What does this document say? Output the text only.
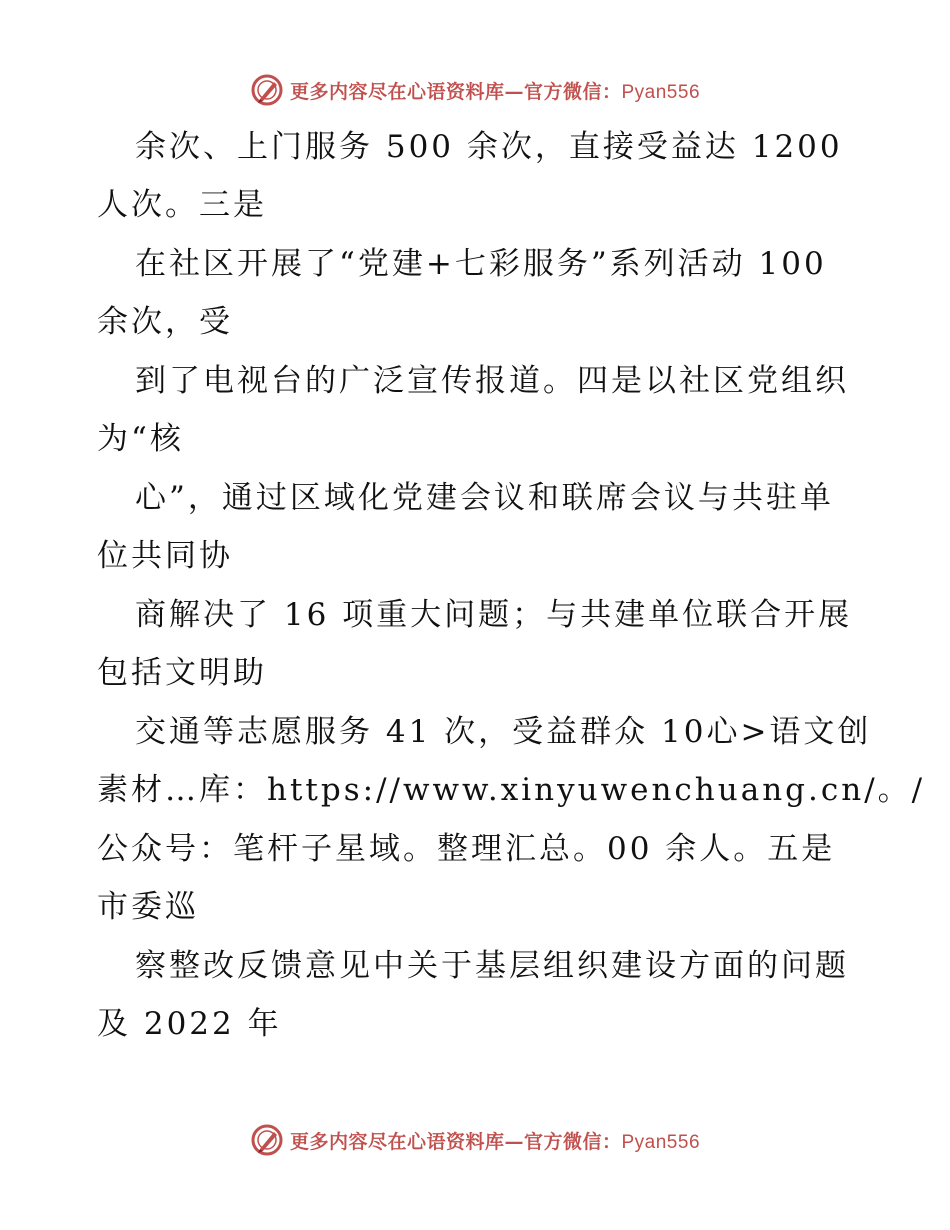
更多内容尽在心语资料库—官方微信：Pyan556
余次、上门服务 500 余次，直接受益达 1200
人次。三是
在社区开展了“党建+七彩服务”系列活动 100
余次，受
到了电视台的广泛宣传报道。四是以社区党组织
为“核
心”，通过区域化党建会议和联席会议与共驻单
位共同协
商解决了 16 项重大问题；与共建单位联合开展
包括文明助
交通等志愿服务 41 次，受益群众 10心>语文创
素材…库：https://www.xinyuwenchuang.cn/。/
公众号：笔杆子星域。整理汇总。00 余人。五是
市委巡
察整改反馈意见中关于基层组织建设方面的问题
及 2022 年
更多内容尽在心语资料库—官方微信：Pyan556
